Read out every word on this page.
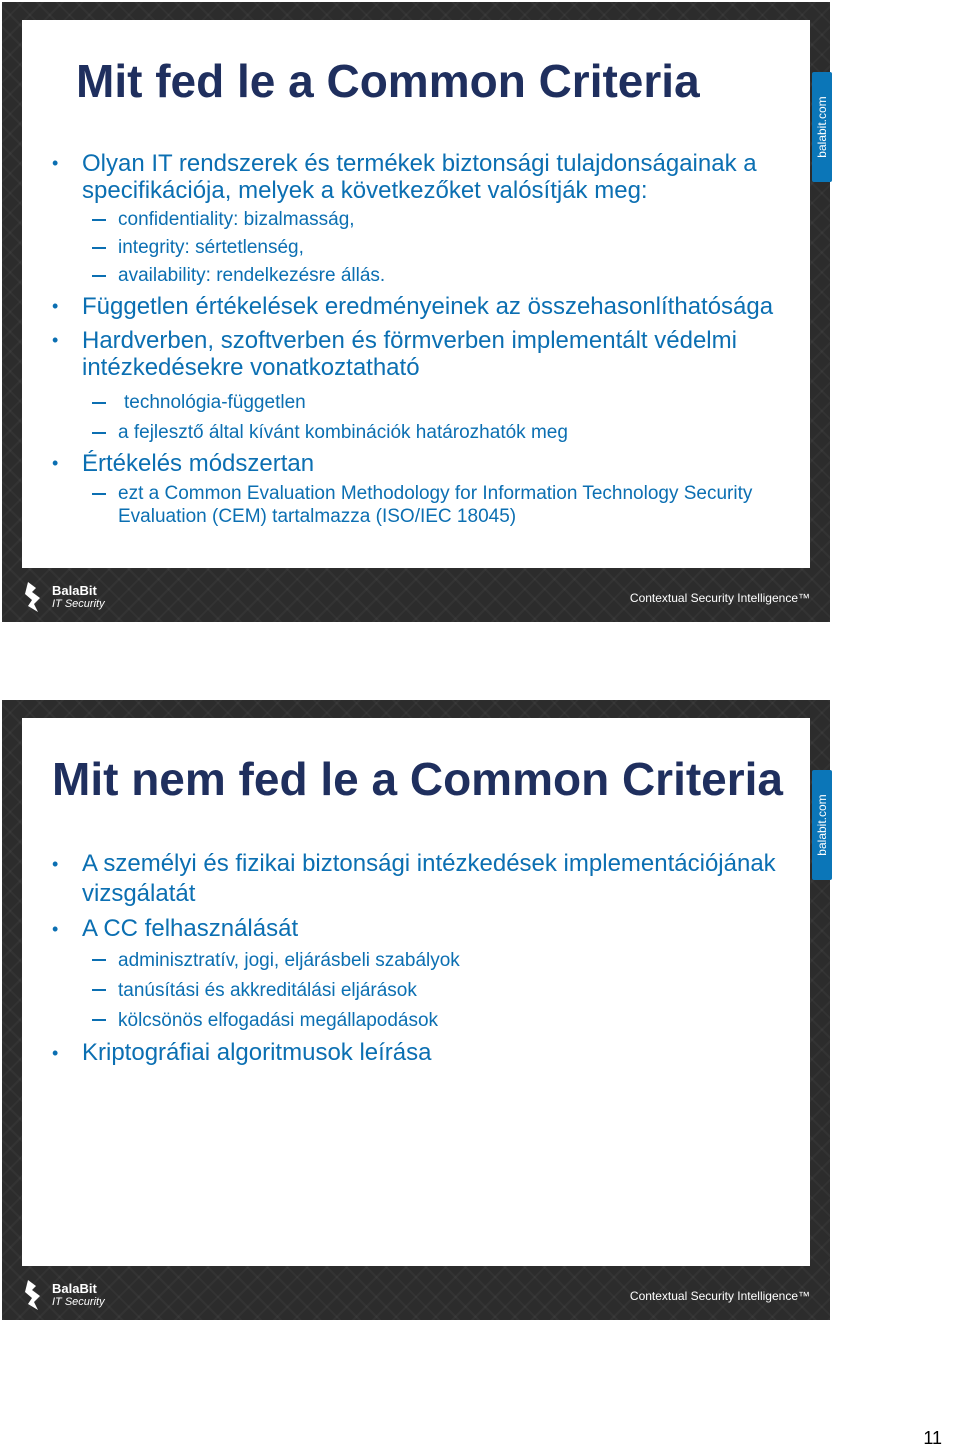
Mit fed le a Common Criteria
balabit.com
• Olyan IT rendszerek és termékek biztonsági tulajdonságainak a specifikációja, melyek a következőket valósítják meg:
confidentiality: bizalmasság,
integrity: sértetlenség,
availability: rendelkezésre állás.
• Független értékelések eredményeinek az összehasonlíthatósága
• Hardverben, szoftverben és förmverben implementált védelmi intézkedésekre vonatkoztatható
technológia-független
a fejlesztő által kívánt kombinációk határozhatók meg
• Értékelés módszertan
ezt a Common Evaluation Methodology for Information Technology Security Evaluation (CEM) tartalmazza (ISO/IEC 18045)
BalaBit
IT Security	Contextual Security Intelligence™
Mit nem fed le a Common Criteria
balabit.com
• A személyi és fizikai biztonsági intézkedések implementációjának vizsgálatát
• A CC felhasználását
adminisztratív, jogi, eljárásbeli szabályok
tanúsítási és akkreditálási eljárások
kölcsönös elfogadási megállapodások
• Kriptográfiai algoritmusok leírása
BalaBit
IT Security	Contextual Security Intelligence™
11
